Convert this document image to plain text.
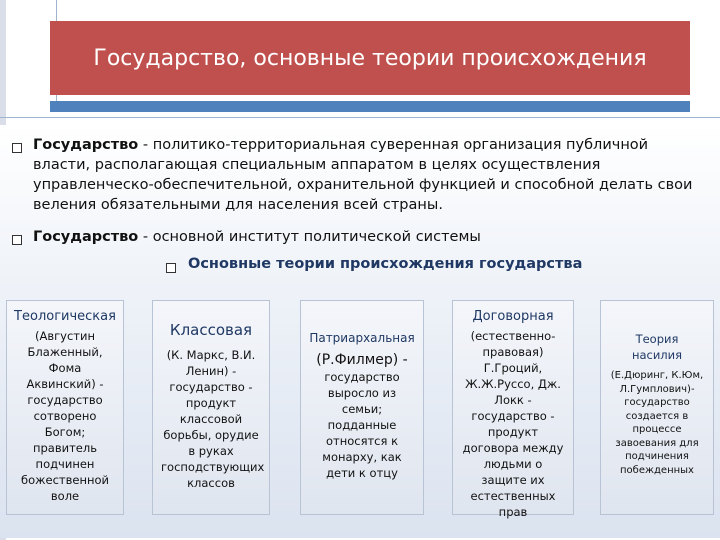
Государство, основные теории происхождения
Государство - политико-территориальная суверенная организация публичной власти, располагающая специальным аппаратом в целях осуществления управленческо-обеспечительной, охранительной функцией и способной делать свои веления обязательными для населения всей страны.
Государство - основной институт политической системы
Основные теории происхождения государства
Теологическая
(Августин Блаженный, Фома Аквинский) - государство сотворено Богом; правитель подчинен божественной воле
Классовая
(К. Маркс, В.И. Ленин) - государство - продукт классовой борьбы, орудие в руках господствующих классов
Патриархальная
(Р.Филмер) -
государство выросло из семьи; подданные относятся к монарху, как дети к отцу
Договорная
(естественно-правовая) Г.Гроций, Ж.Ж.Руссо, Дж. Локк - государство - продукт договора между людьми о защите их естественных прав
Теория насилия
(Е.Дюринг, К.Юм, Л.Гумплович)- государство создается в процессе завоевания для подчинения побежденных
